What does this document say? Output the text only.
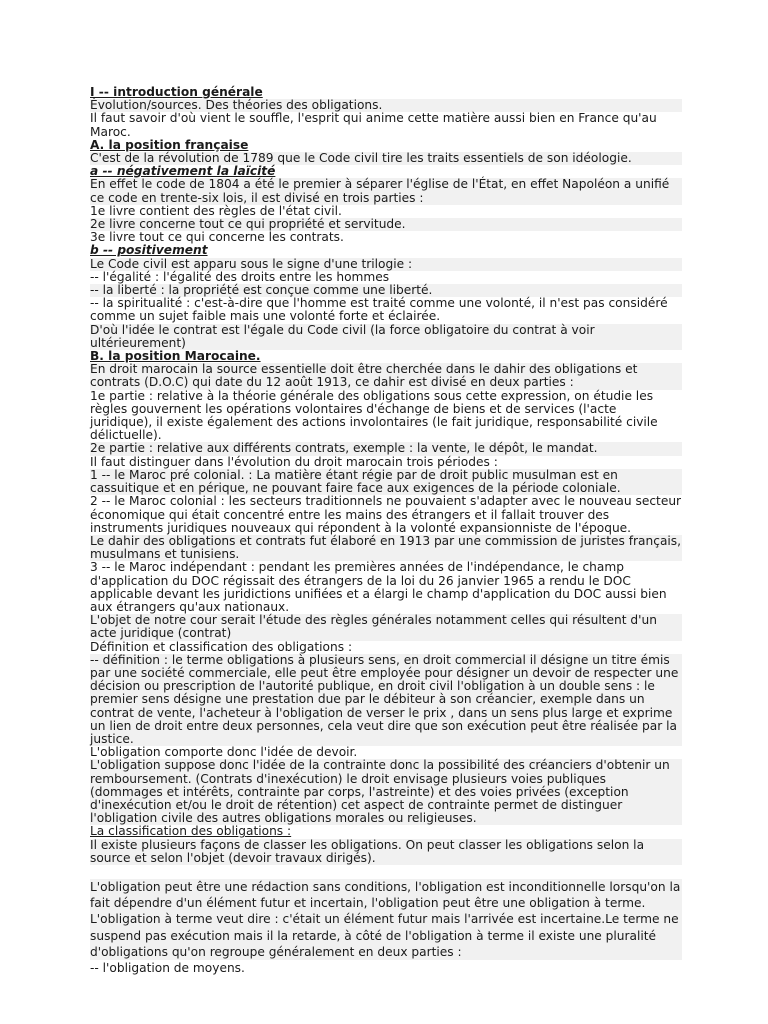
I -- introduction générale

Évolution/sources. Des théories des obligations.

Il faut savoir d'où vient le souffle, l'esprit qui anime cette matière aussi bien en France qu'au Maroc.

A. la position française

C'est de la révolution de 1789 que le Code civil tire les traits essentiels de son idéologie.

a -- négativement la laïcité

En effet le code de 1804 a été le premier à séparer l'église de l'État, en effet Napoléon a unifié ce code en trente-six lois, il est divisé en trois parties :

1e livre contient des règles de l'état civil.

2e livre concerne tout ce qui propriété et servitude.

3e livre tout ce qui concerne les contrats.

b -- positivement

Le Code civil est apparu sous le signe d'une trilogie :

-- l'égalité : l'égalité des droits entre les hommes

-- la liberté : la propriété est conçue comme une liberté.

-- la spiritualité : c'est-à-dire que l'homme est traité comme une volonté, il n'est pas considéré comme un sujet faible mais une volonté forte et éclairée.

D'où l'idée le contrat est l'égale du Code civil (la force obligatoire du contrat à voir ultérieurement)

B. la position Marocaine.

En droit marocain la source essentielle doit être cherchée dans le dahir des obligations et contrats (D.O.C) qui date du 12 août 1913, ce dahir est divisé en deux parties :

1e partie : relative à la théorie générale des obligations sous cette expression, on étudie les règles gouvernent les opérations volontaires d'échange de biens et de services (l'acte juridique), il existe également des actions involontaires (le fait juridique, responsabilité civile délictuelle).

2e partie : relative aux différents contrats, exemple : la vente, le dépôt, le mandat.

Il faut distinguer dans l'évolution du droit marocain trois périodes :

1 -- le Maroc pré colonial. : La matière étant régie par de droit public musulman est en cassuitique et en périque, ne pouvant faire face aux exigences de la période coloniale.

2 -- le Maroc colonial : les secteurs traditionnels ne pouvaient s'adapter avec le nouveau secteur économique qui était concentré entre les mains des étrangers et il fallait trouver des instruments juridiques nouveaux qui répondent à la volonté expansionniste de l'époque.

Le dahir des obligations et contrats fut élaboré en 1913 par une commission de juristes français, musulmans et tunisiens.

3 -- le Maroc indépendant : pendant les premières années de l'indépendance, le champ d'application du DOC régissait des étrangers de la loi du 26 janvier 1965 a rendu le DOC applicable devant les juridictions unifiées et a élargi le champ d'application du DOC aussi bien aux étrangers qu'aux nationaux.

L'objet de notre cour serait l'étude des règles générales notamment celles qui résultent d'un acte juridique (contrat)

Définition et classification des obligations :

-- définition : le terme obligations à plusieurs sens, en droit commercial il désigne un titre émis par une société commerciale, elle peut être employée pour désigner un devoir de respecter une décision ou prescription de l'autorité publique, en droit civil l'obligation à un double sens : le premier sens désigne une prestation due par le débiteur à son créancier, exemple dans un contrat de vente, l'acheteur à l'obligation de verser le prix , dans un sens plus large et exprime un lien de droit entre deux personnes, cela veut dire que son exécution peut être réalisée par la justice.

L'obligation comporte donc l'idée de devoir.

L'obligation suppose donc l'idée de la contrainte donc la possibilité des créanciers d'obtenir un remboursement. (Contrats d'inexécution) le droit envisage plusieurs voies publiques (dommages et intérêts, contrainte par corps, l'astreinte) et des voies privées (exception d'inexécution et/ou le droit de rétention) cet aspect de contrainte permet de distinguer l'obligation civile des autres obligations morales ou religieuses.

La classification des obligations :

Il existe plusieurs façons de classer les obligations. On peut classer les obligations selon la source et selon l'objet (devoir travaux dirigés).

L'obligation peut être une rédaction sans conditions, l'obligation est inconditionnelle lorsqu'on la fait dépendre d'un élément futur et incertain, l'obligation peut être une obligation à terme. L'obligation à terme veut dire : c'était un élément futur mais l'arrivée est incertaine.Le terme ne suspend pas exécution mais il la retarde, à côté de l'obligation à terme il existe une pluralité d'obligations qu'on regroupe généralement en deux parties :

-- l'obligation de moyens.
